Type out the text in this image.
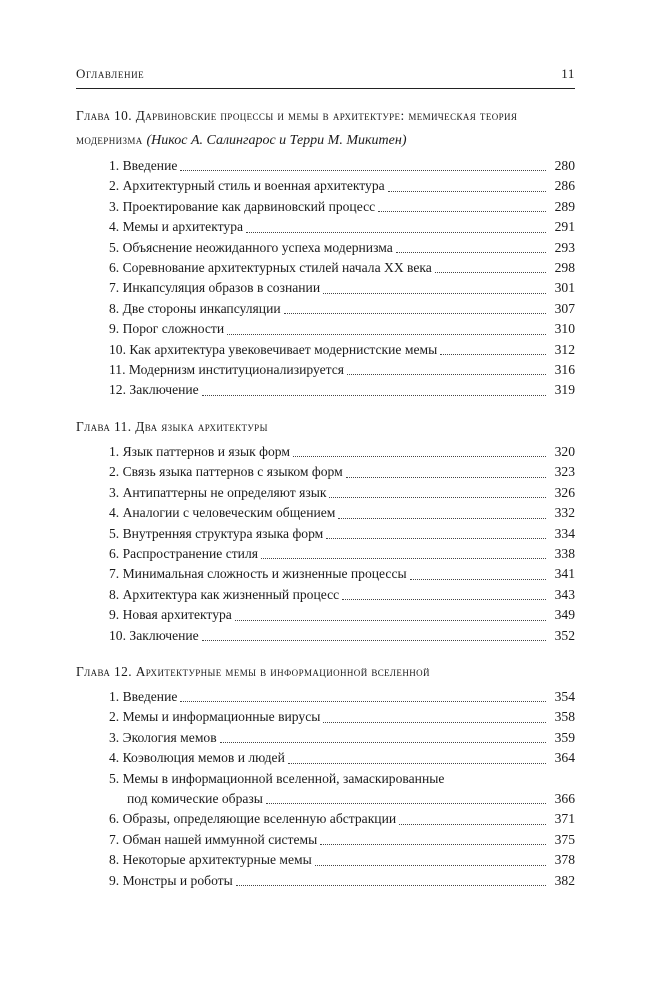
Оглавление	11
Глава 10. Дарвиновские процессы и мемы в архитектуре: мемическая теория модернизма (Никос А. Салингарос и Терри М. Микитен)
1. Введение	280
2. Архитектурный стиль и военная архитектура	286
3. Проектирование как дарвиновский процесс	289
4. Мемы и архитектура	291
5. Объяснение неожиданного успеха модернизма	293
6. Соревнование архитектурных стилей начала XX века	298
7. Инкапсуляция образов в сознании	301
8. Две стороны инкапсуляции	307
9. Порог сложности	310
10. Как архитектура увековечивает модернистские мемы	312
11. Модернизм институционализируется	316
12. Заключение	319
Глава 11. Два языка архитектуры
1. Язык паттернов и язык форм	320
2. Связь языка паттернов с языком форм	323
3. Антипаттерны не определяют язык	326
4. Аналогии с человеческим общением	332
5. Внутренняя структура языка форм	334
6. Распространение стиля	338
7. Минимальная сложность и жизненные процессы	341
8. Архитектура как жизненный процесс	343
9. Новая архитектура	349
10. Заключение	352
Глава 12. Архитектурные мемы в информационной вселенной
1. Введение	354
2. Мемы и информационные вирусы	358
3. Экология мемов	359
4. Коэволюция мемов и людей	364
5. Мемы в информационной вселенной, замаскированные
под комические образы	366
6. Образы, определяющие вселенную абстракции	371
7. Обман нашей иммунной системы	375
8. Некоторые архитектурные мемы	378
9. Монстры и роботы	382
